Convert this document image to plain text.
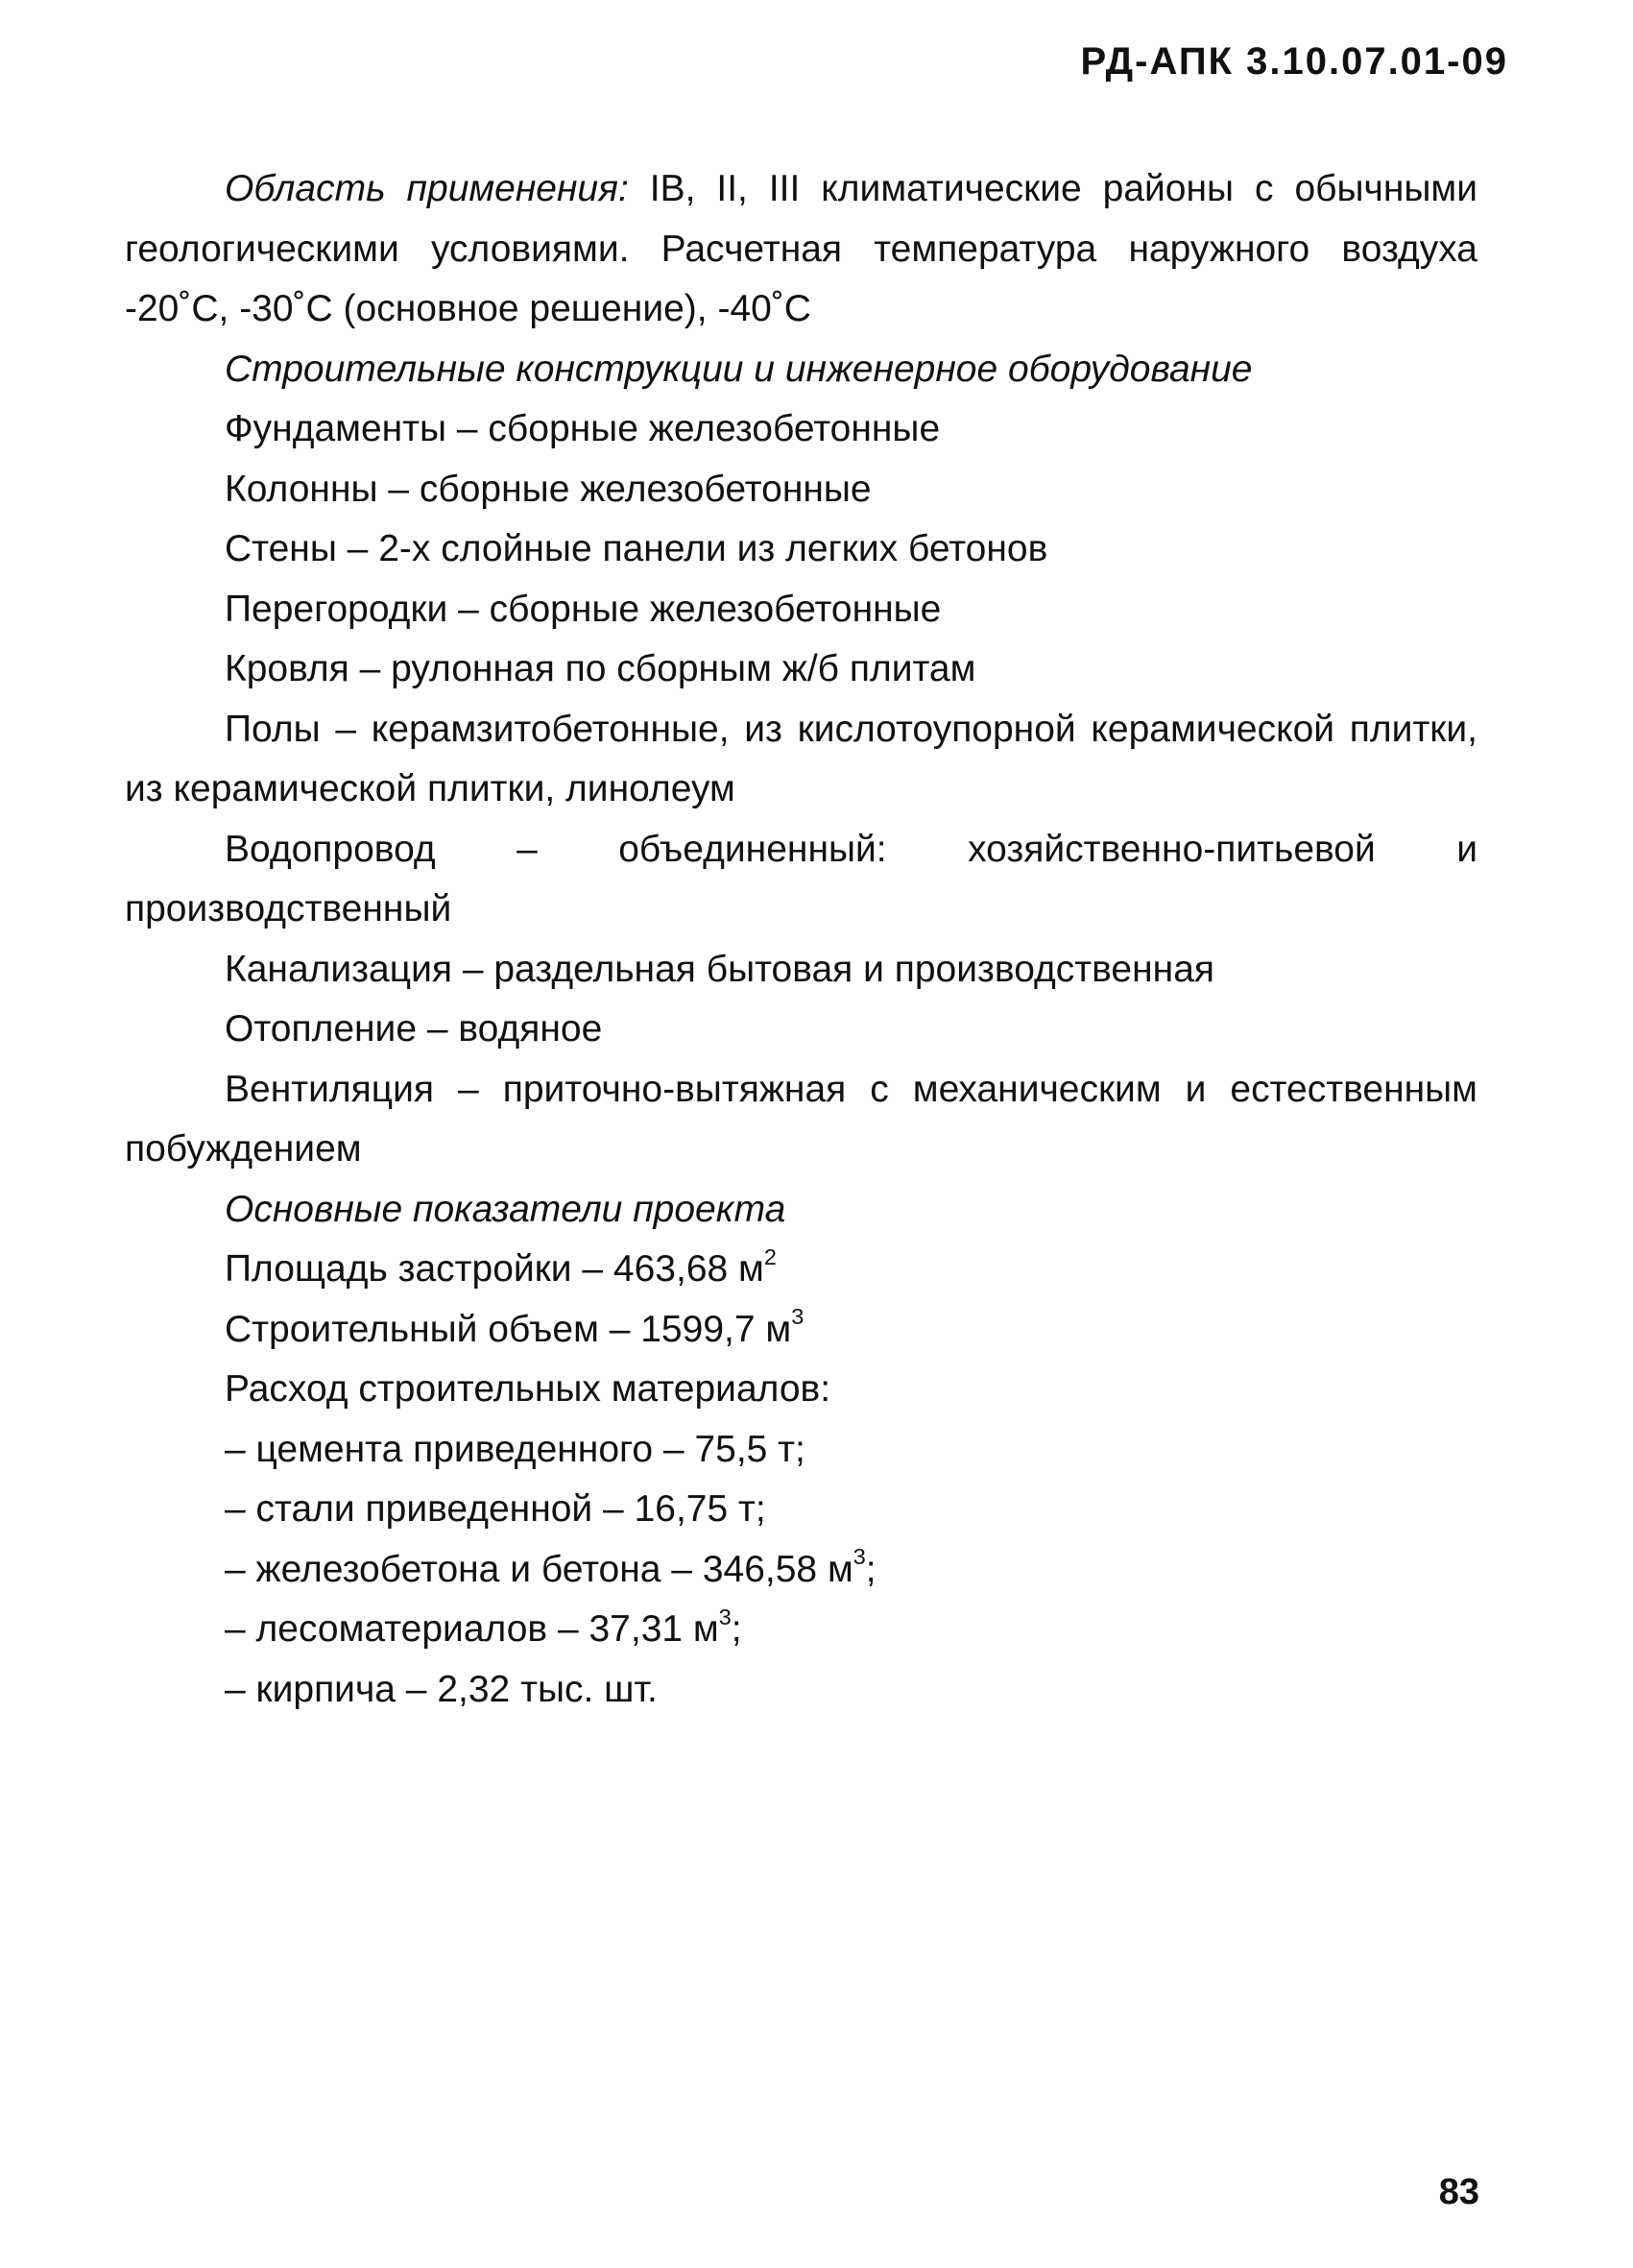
РД-АПК 3.10.07.01-09

Область применения: IB, II, III климатические районы с обычными геологическими условиями. Расчетная температура наружного воздуха -20˚С, -30˚С (основное решение), -40˚С

Строительные конструкции и инженерное оборудование

Фундаменты – сборные железобетонные

Колонны – сборные железобетонные

Стены – 2-х слойные панели из легких бетонов

Перегородки – сборные железобетонные

Кровля – рулонная по сборным ж/б плитам

Полы – керамзитобетонные, из кислотоупорной керамической плитки, из керамической плитки, линолеум

Водопровод – объединенный: хозяйственно-питьевой и производственный

Канализация – раздельная бытовая и производственная

Отопление – водяное

Вентиляция – приточно-вытяжная с механическим и естественным побуждением

Основные показатели проекта

Площадь застройки – 463,68 $м^2$

Строительный объем – 1599,7 $м^3$

Расход строительных материалов:

– цемента приведенного – 75,5 т;

– стали приведенной – 16,75 т;

– железобетона и бетона – 346,58 $м^3$;

– лесоматериалов – 37,31 $м^3$;

– кирпича – 2,32 тыс. шт.

83
